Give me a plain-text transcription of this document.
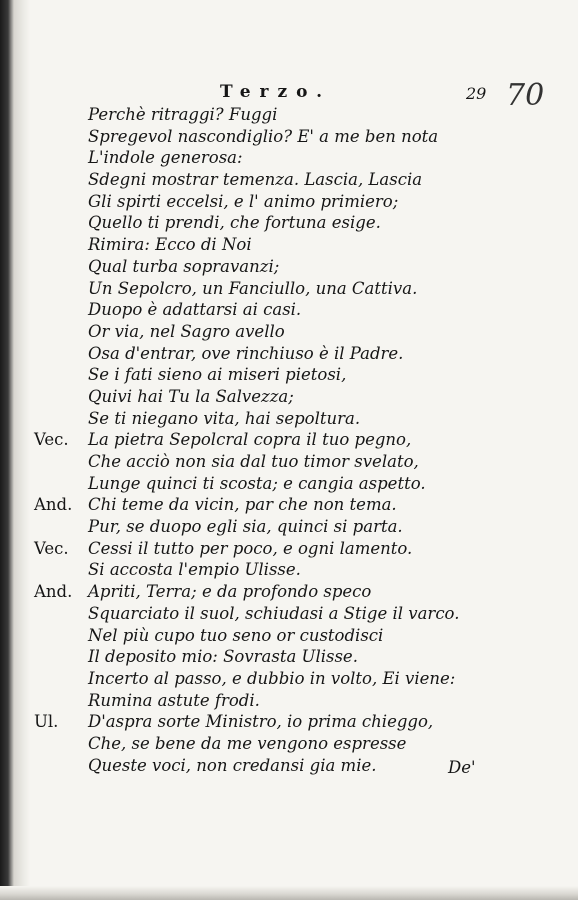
Terzo.	29 70
Perchè ritraggi? Fuggi
Spregevol nascondiglio? E' a me ben nota
L'indole generosa:
Sdegni mostrar temenza. Lascia, Lascia
Gli spirti eccelsi, e l' animo primiero;
Quello ti prendi, che fortuna esige.
Rimira: Ecco di Noi
Qual turba sopravanzi;
Un Sepolcro, un Fanciullo, una Cattiva.
Duopo è adattarsi ai casi.
Or via, nel Sagro avello
Osa d'entrar, ove rinchiuso è il Padre.
Se i fati sieno ai miseri pietosi,
Quivi hai Tu la Salvezza;
Se ti niegano vita, hai sepoltura.
Vec. La pietra Sepolcral copra il tuo pegno,
Che acciò non sia dal tuo timor svelato,
Lunge quinci ti scosta; e cangia aspetto.
And. Chi teme da vicin, par che non tema.
Pur, se duopo egli sia, quinci si parta.
Vec. Cessi il tutto per poco, e ogni lamento.
Si accosta l'empio Ulisse.
And. Apriti, Terra; e da profondo speco
Squarciato il suol, schiudasi a Stige il varco.
Nel più cupo tuo seno or custodisci
Il deposito mio: Sovrasta Ulisse.
Incerto al passo, e dubbio in volto, Ei viene:
Rumina astute frodi.
Ul. D'aspra sorte Ministro, io prima chieggo,
Che, se bene da me vengono espresse
Queste voci, non credansi gia mie.	De'
